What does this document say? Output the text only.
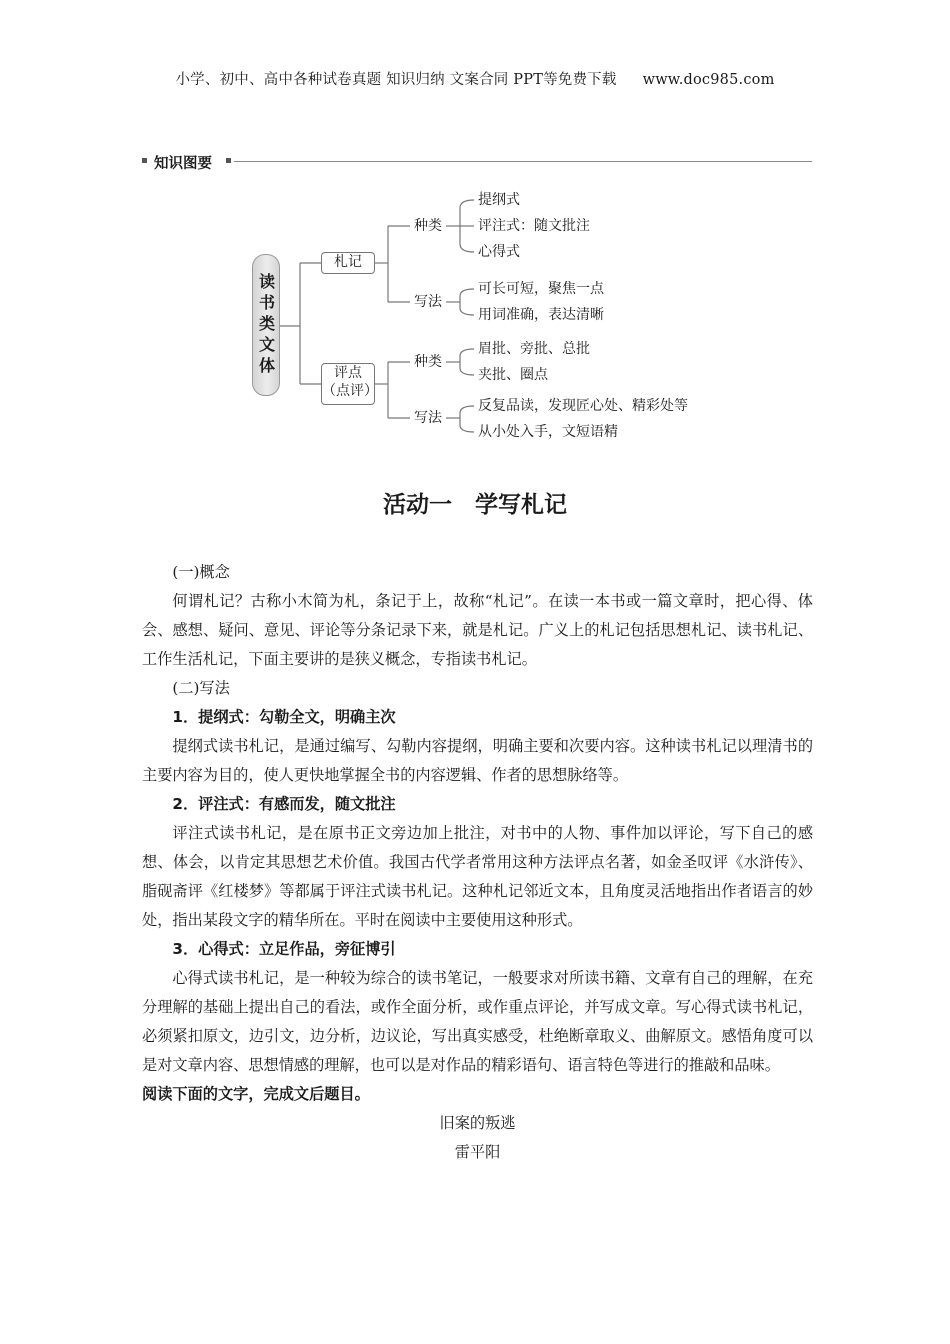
小学、初中、高中各种试卷真题 知识归纳 文案合同 PPT等免费下载 www.doc985.com
知识图要
读书类文体
札记
评点
（点评）
种类
写法
种类
写法
提纲式
评注式：随文批注
心得式
可长可短，聚焦一点
用词准确，表达清晰
眉批、旁批、总批
夹批、圈点
反复品读，发现匠心处、精彩处等
从小处入手，文短语精
活动一　学写札记

(一)概念

何谓札记？古称小木简为札，条记于上，故称“札记”。在读一本书或一篇文章时，把心得、体会、感想、疑问、意见、评论等分条记录下来，就是札记。广义上的札记包括思想札记、读书札记、工作生活札记，下面主要讲的是狭义概念，专指读书札记。

(二)写法

1．提纲式：勾勒全文，明确主次

提纲式读书札记，是通过编写、勾勒内容提纲，明确主要和次要内容。这种读书札记以理清书的主要内容为目的，使人更快地掌握全书的内容逻辑、作者的思想脉络等。

2．评注式：有感而发，随文批注

评注式读书札记，是在原书正文旁边加上批注，对书中的人物、事件加以评论，写下自己的感想、体会，以肯定其思想艺术价值。我国古代学者常用这种方法评点名著，如金圣叹评《水浒传》、脂砚斋评《红楼梦》等都属于评注式读书札记。这种札记邻近文本，且角度灵活地指出作者语言的妙处，指出某段文字的精华所在。平时在阅读中主要使用这种形式。

3．心得式：立足作品，旁征博引

心得式读书札记，是一种较为综合的读书笔记，一般要求对所读书籍、文章有自己的理解，在充分理解的基础上提出自己的看法，或作全面分析，或作重点评论，并写成文章。写心得式读书札记，必须紧扣原文，边引文，边分析，边议论，写出真实感受，杜绝断章取义、曲解原文。感悟角度可以是对文章内容、思想情感的理解，也可以是对作品的精彩语句、语言特色等进行的推敲和品味。

阅读下面的文字，完成文后题目。

旧案的叛逃

雷平阳
